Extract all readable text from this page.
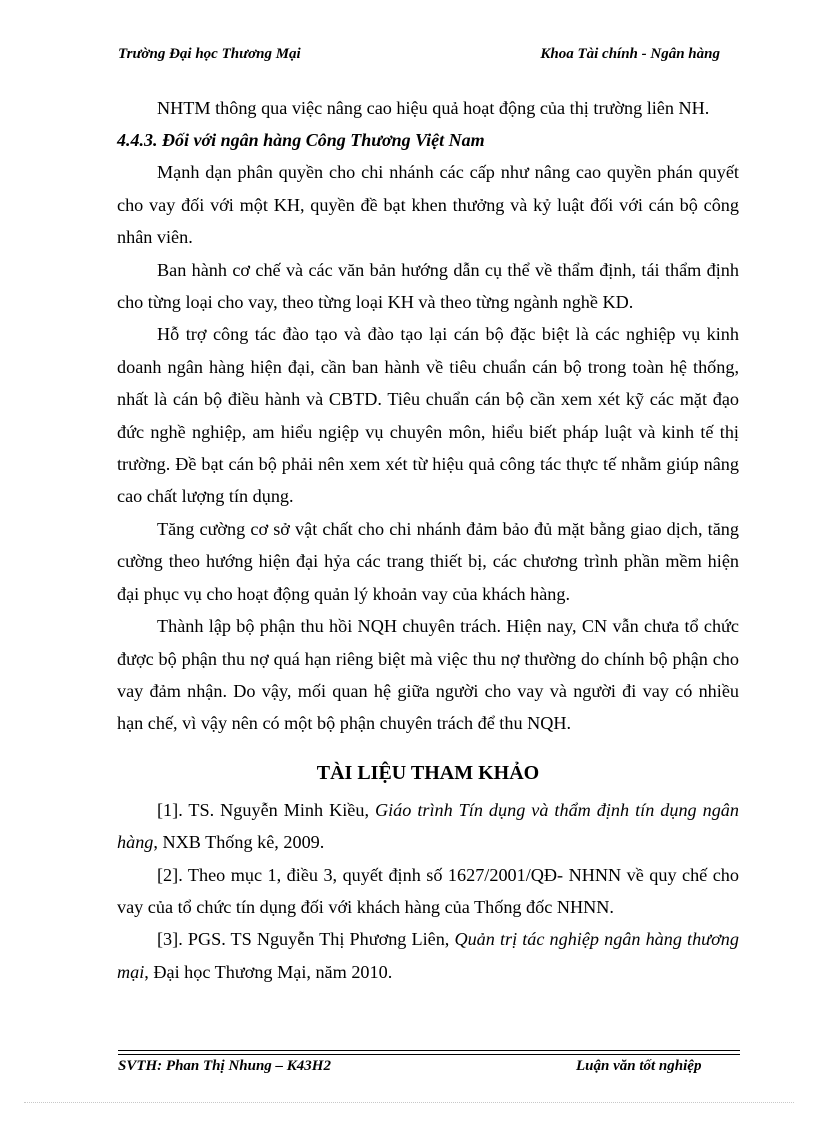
Trường Đại học Thương Mại	Khoa Tài chính - Ngân hàng

NHTM thông qua việc nâng cao hiệu quả hoạt động của thị trường liên NH.

4.4.3. Đối với ngân hàng Công Thương Việt Nam

Mạnh dạn phân quyền cho chi nhánh các cấp như nâng cao quyền phán quyết cho vay đối với một KH, quyền đề bạt khen thưởng và kỷ luật đối với cán bộ công nhân viên.

Ban hành cơ chế và các văn bản hướng dẫn cụ thể về thẩm định, tái thẩm định cho từng loại cho vay, theo từng loại KH và theo từng ngành nghề KD.

Hỗ trợ công tác đào tạo và đào tạo lại cán bộ đặc biệt là các nghiệp vụ kinh doanh ngân hàng hiện đại, cần ban hành về tiêu chuẩn cán bộ trong toàn hệ thống, nhất là cán bộ điều hành và CBTD. Tiêu chuẩn cán bộ cần xem xét kỹ các mặt đạo đức nghề nghiệp, am hiểu ngiệp vụ chuyên môn, hiểu biết pháp luật và kinh tế thị trường. Đề bạt cán bộ phải nên xem xét từ hiệu quả công tác thực tế nhằm giúp nâng cao chất lượng tín dụng.

Tăng cường cơ sở vật chất cho chi nhánh đảm bảo đủ mặt bằng giao dịch, tăng cường theo hướng hiện đại hỷa các trang thiết bị, các chương trình phần mềm hiện đại phục vụ cho hoạt động quản lý khoản vay của khách hàng.

Thành lập bộ phận thu hồi NQH chuyên trách. Hiện nay, CN vẫn chưa tổ chức được bộ phận thu nợ quá hạn riêng biệt mà việc thu nợ thường do chính bộ phận cho vay đảm nhận. Do vậy, mối quan hệ giữa người cho vay và người đi vay có nhiều hạn chế, vì vậy nên có một bộ phận chuyên trách để thu NQH.

TÀI LIỆU THAM KHẢO

[1]. TS. Nguyễn Minh Kiều, Giáo trình Tín dụng và thẩm định tín dụng ngân hàng, NXB Thống kê, 2009.

[2]. Theo mục 1, điều 3, quyết định số 1627/2001/QĐ- NHNN về quy chế cho vay của tổ chức tín dụng đối với khách hàng của Thống đốc NHNN.

[3]. PGS. TS Nguyễn Thị Phương Liên, Quản trị tác nghiệp ngân hàng thương mại, Đại học Thương Mại, năm 2010.

SVTH: Phan Thị Nhung – K43H2	Luận văn tốt nghiệp
